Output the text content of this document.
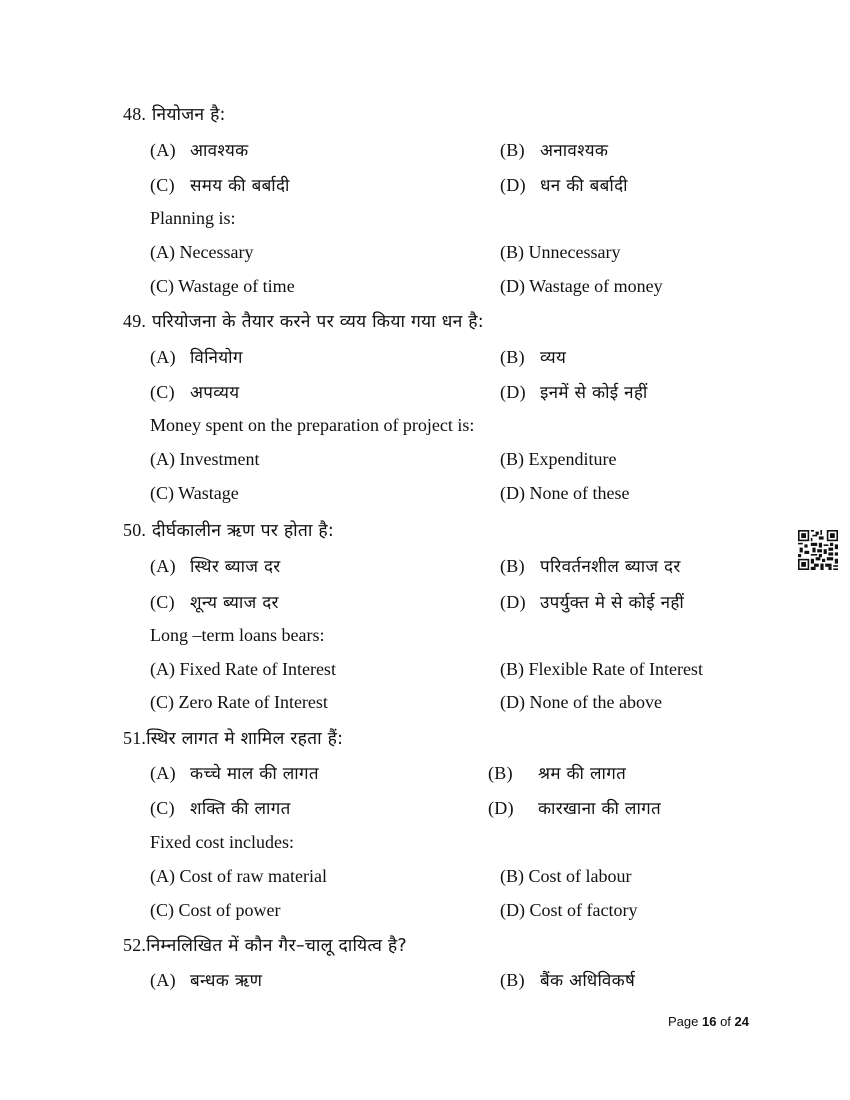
48. नियोजन है:
(A) आवश्यक	(B) अनावश्यक
(C) समय की बर्बादी	(D) धन की बर्बादी
Planning is:
(A) Necessary	(B) Unnecessary
(C) Wastage of time	(D) Wastage of money
49. परियोजना के तैयार करने पर व्यय किया गया धन है:
(A) विनियोग	(B) व्यय
(C) अपव्यय	(D) इनमें से कोई नहीं
Money spent on the preparation of project is:
(A) Investment	(B) Expenditure
(C) Wastage	(D) None of these
50. दीर्घकालीन ऋण पर होता है:
(A) स्थिर ब्याज दर	(B) परिवर्तनशील ब्याज दर
(C) शून्य ब्याज दर	(D) उपर्युक्त मे से कोई नहीं
Long –term loans bears:
(A) Fixed Rate of Interest	(B) Flexible Rate of Interest
(C) Zero Rate of Interest	(D) None of the above
51.स्थिर लागत मे शामिल रहता हैं:
(A) कच्चे माल की लागत	(B) श्रम की लागत
(C) शक्ति की लागत	(D) कारखाना की लागत
Fixed cost includes:
(A) Cost of raw material	(B) Cost of labour
(C) Cost of power	(D) Cost of factory
52.निम्नलिखित में कौन गैर–चालू दायित्व है?
(A) बन्धक ऋण	(B) बैंक अधिविकर्ष
Page 16 of 24
